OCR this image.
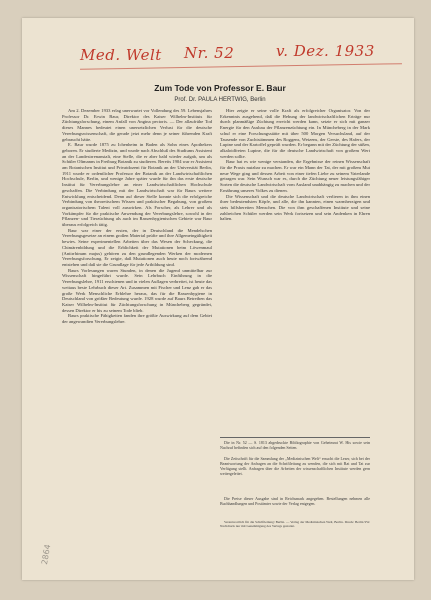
Med. Welt Nr. 52	v. Dez. 1933
Zum Tode von Professor E. Baur
Prof. Dr. PAULA HERTWIG, Berlin

Am 2. Dezember 1933 erlag unerwartet vor Vollendung des 59. Lebensjahres Professor Dr. Erwin Baur, Direktor des Kaiser Wilhelm-Instituts für Züchtungsforschung, einem Anfall von Angina pectoris. — Der allzufrühe Tod dieses Mannes bedeutet einen unersetzlichen Verlust für die deutsche Vererbungswissenschaft, die gerade jetzt mehr denn je seiner führenden Kraft gebraucht hätte.

E. Baur wurde 1875 zu Ichenheim in Baden als Sohn eines Apothekers geboren. Er studierte Medizin, und wurde nach Abschluß des Studiums Assistent an der Landesirrenanstalt, eine Stelle, die er aber bald wieder aufgab, um als Schüler Oltmanns in Freiburg Botanik zu studieren. Bereits 1904 war er Assistent am Botanischen Institut und Privatdozent für Botanik an der Universität Berlin, 1911 wurde er ordentlicher Professor der Botanik an der Landwirtschaftlichen Hochschule, Berlin, und wenige Jahre später wurde für ihn das erste deutsche Institut für Vererbungslehre an einer Landwirtschaftlichen Hochschule geschaffen. Die Verbindung mit der Landwirtschaft war für Baurs weitere Entwicklung entscheidend. Denn auf dieser Stelle konnte sich die erfolgreiche Verbindung von theoretischem Wissen und praktischer Begabung, von großem organisatorischem Talent voll auswirken. Als Forscher, als Lehrer und als Vorkämpfer für die praktische Anwendung der Vererbungslehre, sowohl in der Pflanzen- und Tierzüchtung als auch im Rassenhygienischen Gebiete war Baur überaus erfolgreich tätig.

Baur war einer der ersten, der in Deutschland die Mendelschen Vererbungsgesetze an einem großen Material prüfte und ihre Allgemeingültigkeit bewies. Seine experimentellen Arbeiten über das Wesen der Scheckung, die Chimärenbildung und die Erblichkeit der Mutationen beim Löwenmaul (Antirrhinum majus) gehören zu den grundlegenden Werken der modernen Vererbungsforschung. Er zeigte, daß Mutationen auch heute noch fortwährend entstehen und daß sie die Grundlage für jede Artbildung sind.

Baurs Vorlesungen waren Stunden, in denen die Jugend unmittelbar zur Wissenschaft hingeführt wurde. Sein Lehrbuch Einführung in die Vererbungslehre, 1911 erschienen und in vielen Auflagen verbreitet, ist heute das weitaus beste Lehrbuch dieser Art. Zusammen mit Fischer und Lenz gab er das große Werk Menschliche Erblehre heraus, das für die Rassenhygiene in Deutschland von größter Bedeutung wurde. 1928 wurde auf Baurs Betreiben das Kaiser Wilhelm-Institut für Züchtungsforschung in Müncheberg gegründet, dessen Direktor er bis zu seinem Tode blieb.

Baurs praktische Fähigkeiten fanden ihre größte Auswirkung auf dem Gebiet der angewandten Vererbungslehre.

Hier zeigte er seine volle Kraft als erfolgreicher Organisator. Von der Erkenntnis ausgehend, daß die Hebung der landwirtschaftlichen Erträge nur durch planmäßige Züchtung erreicht werden kann, setzte er sich mit ganzer Energie für den Ausbau der Pflanzenzüchtung ein. In Müncheberg in der Mark schuf er eine Forschungsstätte mit über 500 Morgen Versuchsland, auf der Tausende von Zuchtstämmen des Roggens, Weizens, der Gerste, des Hafers, der Lupine und der Kartoffel geprüft wurden. Er begann mit der Züchtung der süßen, alkaloidfreien Lupine, die für die deutsche Landwirtschaft von großem Wert werden sollte.

Baur hat es wie wenige verstanden, die Ergebnisse der reinen Wissenschaft für die Praxis nutzbar zu machen. Er war ein Mann der Tat, der mit großem Mut neue Wege ging und dessen Arbeit von einer tiefen Liebe zu seinem Vaterlande getragen war. Sein Wunsch war es, durch die Züchtung neuer leistungsfähiger Sorten die deutsche Landwirtschaft vom Ausland unabhängig zu machen und der Ernährung unseres Volkes zu dienen.

Die Wissenschaft und die deutsche Landwirtschaft verlieren in ihm einen ihrer bedeutendsten Köpfe, und alle, die ihn kannten, einen warmherzigen und stets hilfsbereiten Menschen. Die von ihm geschaffenen Institute und seine zahlreichen Schüler werden sein Werk fortsetzen und sein Andenken in Ehren halten.

Die in Nr. 52 — S. 1813 abgedruckte Bibliographie von Geheimrat W. His sowie sein Nachruf befinden sich auf den folgenden Seiten.

Die Zeitschrift für die Sammlung der „Medizinischen Welt“ ersucht die Leser, sich bei der Beantwortung der Anfragen an die Schriftleitung zu wenden, die sich mit Rat und Tat zur Verfügung stellt. Anfragen über die Arbeiten der wissenschaftlichen Institute werden gern weitergeleitet.

Die Preise dieser Ausgabe sind in Reichsmark angegeben. Bestellungen nehmen alle Buchhandlungen und Postämter sowie der Verlag entgegen.

Verantwortlich für die Schriftleitung: Berlin. — Verlag der Medizinischen Welt, Berlin. Druck: Berlin SW. Nachdruck nur mit Genehmigung des Verlags gestattet.

2864
